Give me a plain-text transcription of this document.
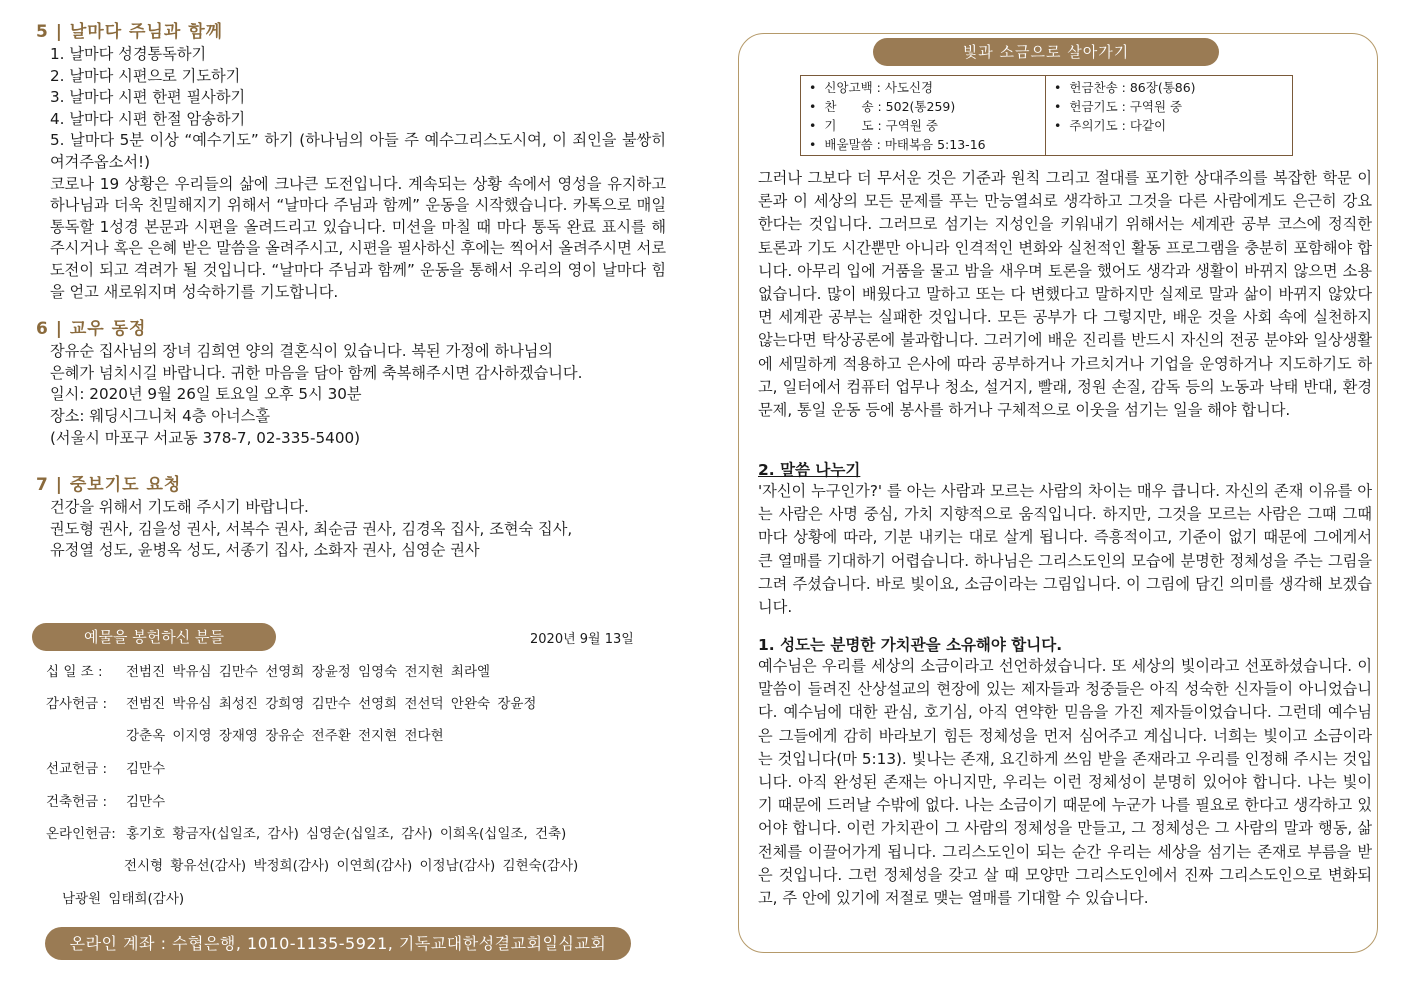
5 | 날마다 주님과 함께

1. 날마다 성경통독하기

2. 날마다 시편으로 기도하기

3. 날마다 시편 한편 필사하기

4. 날마다 시편 한절 암송하기

5. 날마다 5분 이상 “예수기도” 하기 (하나님의 아들 주 예수그리스도시여, 이 죄인을 불쌍히 여겨주옵소서!)

코로나 19 상황은 우리들의 삶에 크나큰 도전입니다. 계속되는 상황 속에서 영성을 유지하고 하나님과 더욱 친밀해지기 위해서 “날마다 주님과 함께” 운동을 시작했습니다. 카톡으로 매일 통독할 1성경 본문과 시편을 올려드리고 있습니다. 미션을 마칠 때 마다 통독 완료 표시를 해주시거나 혹은 은혜 받은 말씀을 올려주시고, 시편을 필사하신 후에는 찍어서 올려주시면 서로 도전이 되고 격려가 될 것입니다. “날마다 주님과 함께” 운동을 통해서 우리의 영이 날마다 힘을 얻고 새로워지며 성숙하기를 기도합니다.

6 | 교우 동정

장유순 집사님의 장녀 김희연 양의 결혼식이 있습니다. 복된 가정에 하나님의

은혜가 넘치시길 바랍니다. 귀한 마음을 담아 함께 축복해주시면 감사하겠습니다.

일시: 2020년 9월 26일 토요일 오후 5시 30분

장소: 웨딩시그니처 4층 아너스홀

(서울시 마포구 서교동 378-7, 02-335-5400)

7 | 중보기도 요청

건강을 위해서 기도해 주시기 바랍니다.

권도형 권사, 김을성 권사, 서복수 권사, 최순금 권사, 김경옥 집사, 조현숙 집사,

유정열 성도, 윤병옥 성도, 서종기 집사, 소화자 권사, 심영순 권사

예물을 봉헌하신 분들	2020년 9월 13일
십 일 조 : 전범진 박유심 김만수 선영희 장윤정 임영숙 전지현 최라엘
감사헌금 : 전범진 박유심 최성진 강희영 김만수 선영희 전선덕 안완숙 장윤정
강춘옥 이지영 장재영 장유순 전주환 전지현 전다현
선교헌금 : 김만수
건축헌금 : 김만수
온라인헌금: 홍기호 황금자(십일조, 감사) 심영순(십일조, 감사) 이희옥(십일조, 건축)
전시형 황유선(감사) 박정희(감사) 이연희(감사) 이정남(감사) 김현숙(감사)
남광원 임태희(감사)
온라인 계좌 : 수협은행, 1010-1135-5921, 기독교대한성결교회일심교회
빛과 소금으로 살아가기
• 신앙고백 : 사도신경
• 찬　　송 : 502(통259)
• 기　　도 : 구역원 중
• 배울말씀 : 마태복음 5:13-16
• 헌금찬송 : 86장(통86)
• 헌금기도 : 구역원 중
• 주의기도 : 다같이
그러나 그보다 더 무서운 것은 기준과 원칙 그리고 절대를 포기한 상대주의를 복잡한 학문 이론과 이 세상의 모든 문제를 푸는 만능열쇠로 생각하고 그것을 다른 사람에게도 은근히 강요한다는 것입니다. 그러므로 섬기는 지성인을 키워내기 위해서는 세계관 공부 코스에 정직한 토론과 기도 시간뿐만 아니라 인격적인 변화와 실천적인 활동 프로그램을 충분히 포함해야 합니다. 아무리 입에 거품을 물고 밤을 새우며 토론을 했어도 생각과 생활이 바뀌지 않으면 소용없습니다. 많이 배웠다고 말하고 또는 다 변했다고 말하지만 실제로 말과 삶이 바뀌지 않았다면 세계관 공부는 실패한 것입니다. 모든 공부가 다 그렇지만, 배운 것을 사회 속에 실천하지 않는다면 탁상공론에 불과합니다. 그러기에 배운 진리를 반드시 자신의 전공 분야와 일상생활에 세밀하게 적용하고 은사에 따라 공부하거나 가르치거나 기업을 운영하거나 지도하기도 하고, 일터에서 컴퓨터 업무나 청소, 설거지, 빨래, 정원 손질, 감독 등의 노동과 낙태 반대, 환경문제, 통일 운동 등에 봉사를 하거나 구체적으로 이웃을 섬기는 일을 해야 합니다.
2. 말씀 나누기
'자신이 누구인가?' 를 아는 사람과 모르는 사람의 차이는 매우 큽니다. 자신의 존재 이유를 아는 사람은 사명 중심, 가치 지향적으로 움직입니다. 하지만, 그것을 모르는 사람은 그때 그때 마다 상황에 따라, 기분 내키는 대로 살게 됩니다. 즉흥적이고, 기준이 없기 때문에 그에게서 큰 열매를 기대하기 어렵습니다. 하나님은 그리스도인의 모습에 분명한 정체성을 주는 그림을 그려 주셨습니다. 바로 빛이요, 소금이라는 그림입니다. 이 그림에 담긴 의미를 생각해 보겠습니다.
1. 성도는 분명한 가치관을 소유해야 합니다.
예수님은 우리를 세상의 소금이라고 선언하셨습니다. 또 세상의 빛이라고 선포하셨습니다. 이 말씀이 들려진 산상설교의 현장에 있는 제자들과 청중들은 아직 성숙한 신자들이 아니었습니다. 예수님에 대한 관심, 호기심, 아직 연약한 믿음을 가진 제자들이었습니다. 그런데 예수님은 그들에게 감히 바라보기 힘든 정체성을 먼저 심어주고 계십니다. 너희는 빛이고 소금이라는 것입니다(마 5:13). 빛나는 존재, 요긴하게 쓰임 받을 존재라고 우리를 인정해 주시는 것입니다. 아직 완성된 존재는 아니지만, 우리는 이런 정체성이 분명히 있어야 합니다. 나는 빛이기 때문에 드러날 수밖에 없다. 나는 소금이기 때문에 누군가 나를 필요로 한다고 생각하고 있어야 합니다. 이런 가치관이 그 사람의 정체성을 만들고, 그 정체성은 그 사람의 말과 행동, 삶 전체를 이끌어가게 됩니다. 그리스도인이 되는 순간 우리는 세상을 섬기는 존재로 부름을 받은 것입니다. 그런 정체성을 갖고 살 때 모양만 그리스도인에서 진짜 그리스도인으로 변화되고, 주 안에 있기에 저절로 맺는 열매를 기대할 수 있습니다.
